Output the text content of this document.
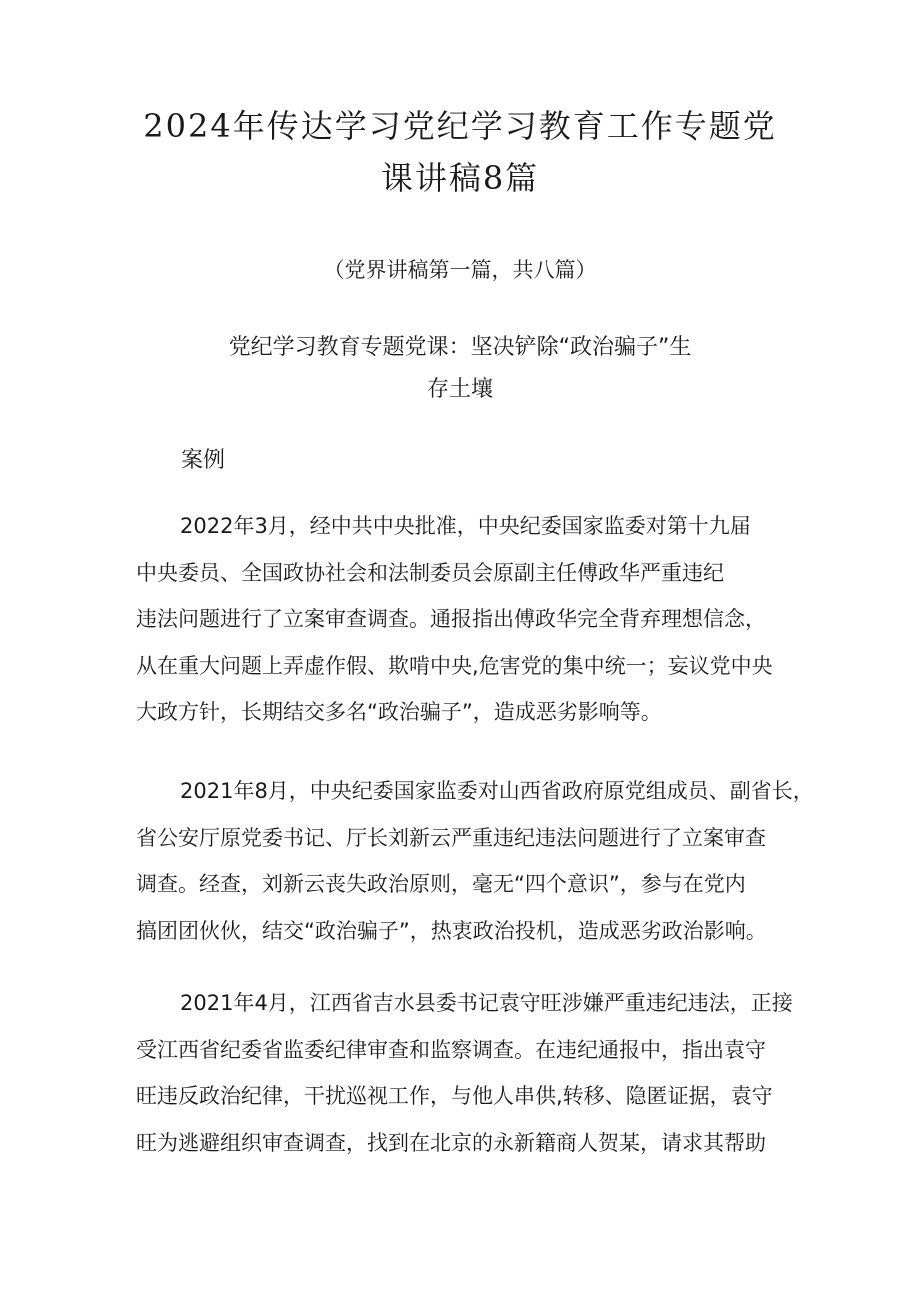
2024年传达学习党纪学习教育工作专题党
课讲稿8篇

（党界讲稿第一篇，共八篇）

党纪学习教育专题党课：坚决铲除“政治骗子”生
存土壤

案例

2022年3月，经中共中央批准，中央纪委国家监委对第十九届
中央委员、全国政协社会和法制委员会原副主任傅政华严重违纪
违法问题进行了立案审查调查。通报指出傅政华完全背弃理想信念，
从在重大问题上弄虚作假、欺啃中央,危害党的集中统一；妄议党中央
大政方针，长期结交多名“政治骗子”，造成恶劣影响等。
2021年8月，中央纪委国家监委对山西省政府原党组成员、副省长，
省公安厅原党委书记、厅长刘新云严重违纪违法问题进行了立案审查
调查。经查，刘新云丧失政治原则，毫无“四个意识”，参与在党内
搞团团伙伙，结交“政治骗子”，热衷政治投机，造成恶劣政治影响。
2021年4月，江西省吉水县委书记袁守旺涉嫌严重违纪违法，正接
受江西省纪委省监委纪律审查和监察调查。在违纪通报中，指出袁守
旺违反政治纪律，干扰巡视工作，与他人串供,转移、隐匿证据，袁守
旺为逃避组织审查调查，找到在北京的永新籍商人贺某，请求其帮助
